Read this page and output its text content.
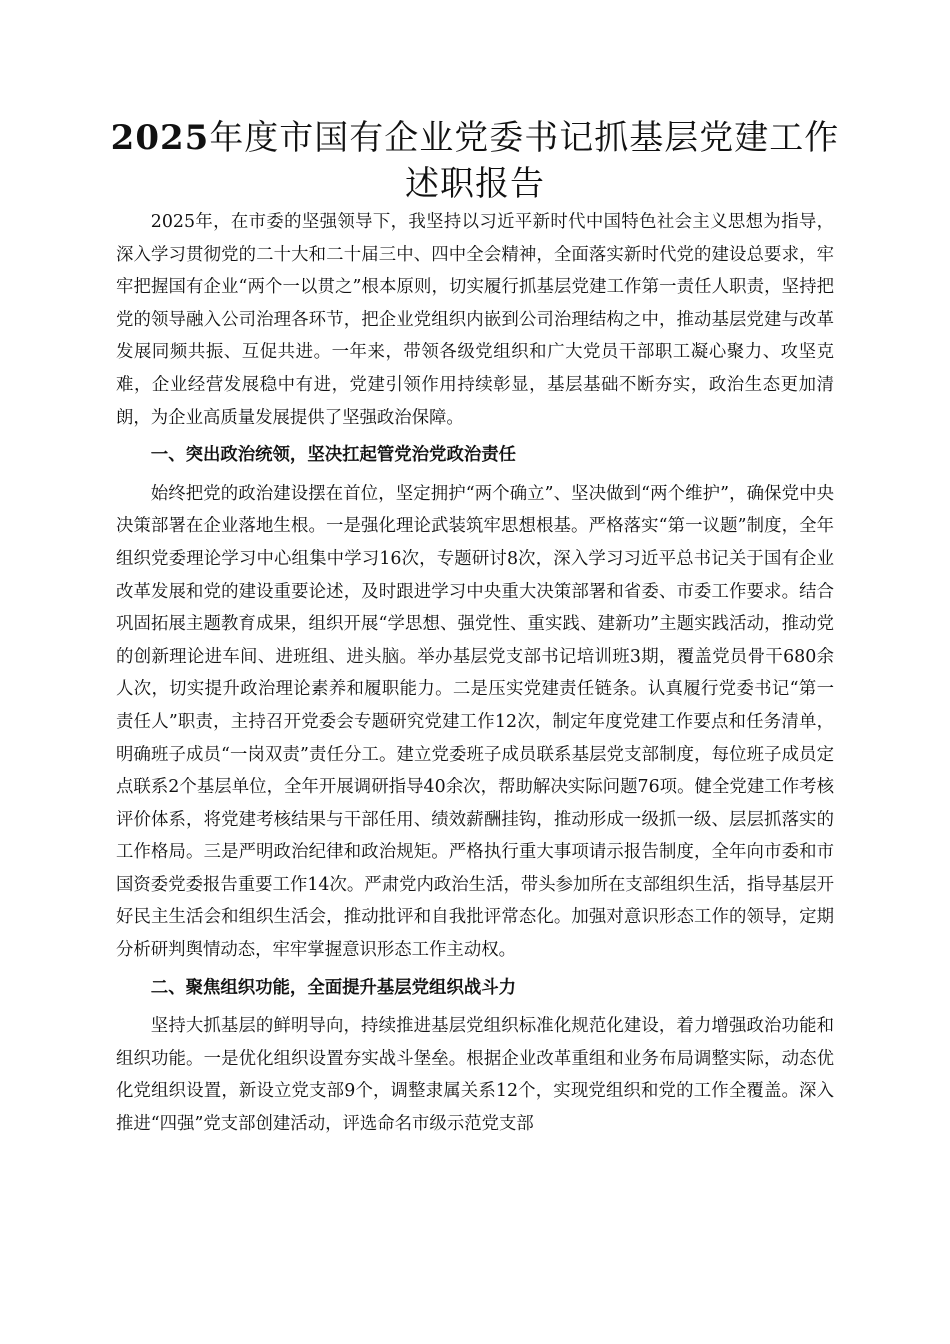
2025年度市国有企业党委书记抓基层党建工作
述职报告

2025年，在市委的坚强领导下，我坚持以习近平新时代中国特色社会主义思想为指导，深入学习贯彻党的二十大和二十届三中、四中全会精神，全面落实新时代党的建设总要求，牢牢把握国有企业“两个一以贯之”根本原则，切实履行抓基层党建工作第一责任人职责，坚持把党的领导融入公司治理各环节，把企业党组织内嵌到公司治理结构之中，推动基层党建与改革发展同频共振、互促共进。一年来，带领各级党组织和广大党员干部职工凝心聚力、攻坚克难，企业经营发展稳中有进，党建引领作用持续彰显，基层基础不断夯实，政治生态更加清朗，为企业高质量发展提供了坚强政治保障。

一、突出政治统领，坚决扛起管党治党政治责任

始终把党的政治建设摆在首位，坚定拥护“两个确立”、坚决做到“两个维护”，确保党中央决策部署在企业落地生根。一是强化理论武装筑牢思想根基。严格落实“第一议题”制度，全年组织党委理论学习中心组集中学习16次，专题研讨8次，深入学习习近平总书记关于国有企业改革发展和党的建设重要论述，及时跟进学习中央重大决策部署和省委、市委工作要求。结合巩固拓展主题教育成果，组织开展“学思想、强党性、重实践、建新功”主题实践活动，推动党的创新理论进车间、进班组、进头脑。举办基层党支部书记培训班3期，覆盖党员骨干680余人次，切实提升政治理论素养和履职能力。二是压实党建责任链条。认真履行党委书记“第一责任人”职责，主持召开党委会专题研究党建工作12次，制定年度党建工作要点和任务清单，明确班子成员“一岗双责”责任分工。建立党委班子成员联系基层党支部制度，每位班子成员定点联系2个基层单位，全年开展调研指导40余次，帮助解决实际问题76项。健全党建工作考核评价体系，将党建考核结果与干部任用、绩效薪酬挂钩，推动形成一级抓一级、层层抓落实的工作格局。三是严明政治纪律和政治规矩。严格执行重大事项请示报告制度，全年向市委和市国资委党委报告重要工作14次。严肃党内政治生活，带头参加所在支部组织生活，指导基层开好民主生活会和组织生活会，推动批评和自我批评常态化。加强对意识形态工作的领导，定期分析研判舆情动态，牢牢掌握意识形态工作主动权。

二、聚焦组织功能，全面提升基层党组织战斗力

坚持大抓基层的鲜明导向，持续推进基层党组织标准化规范化建设，着力增强政治功能和组织功能。一是优化组织设置夯实战斗堡垒。根据企业改革重组和业务布局调整实际，动态优化党组织设置，新设立党支部9个，调整隶属关系12个，实现党组织和党的工作全覆盖。深入推进“四强”党支部创建活动，评选命名市级示范党支部
